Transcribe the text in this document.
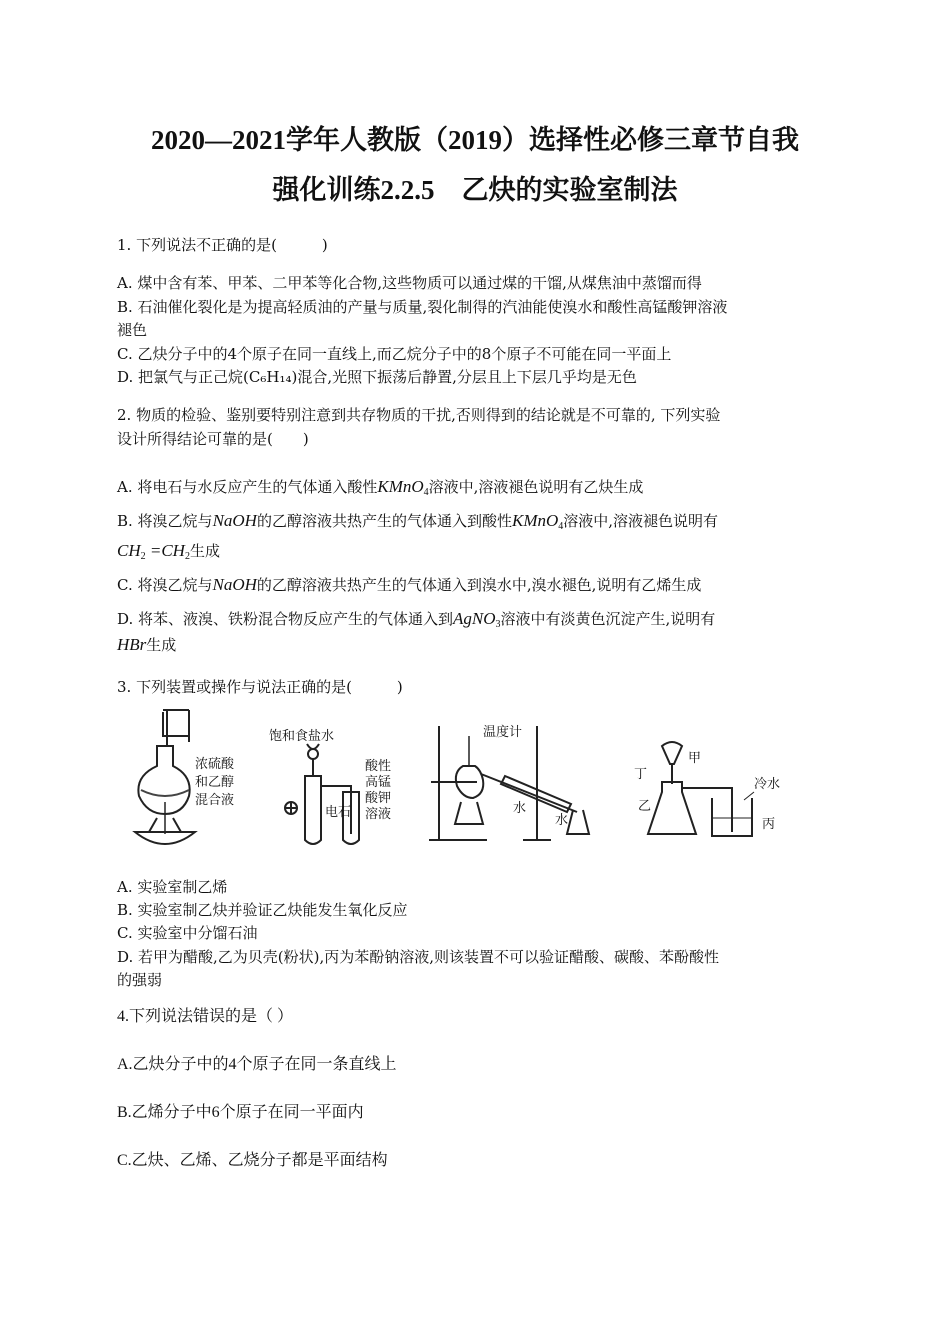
2020—2021学年人教版（2019）选择性必修三章节自我
强化训练2.2.5　乙炔的实验室制法
1. 下列说法不正确的是(　　　)
A. 煤中含有苯、甲苯、二甲苯等化合物,这些物质可以通过煤的干馏,从煤焦油中蒸馏而得
B. 石油催化裂化是为提高轻质油的产量与质量,裂化制得的汽油能使溴水和酸性高锰酸钾溶液
褪色
C. 乙炔分子中的4个原子在同一直线上,而乙烷分子中的8个原子不可能在同一平面上
D. 把氯气与正己烷(C₆H₁₄)混合,光照下振荡后静置,分层且上下层几乎均是无色
2. 物质的检验、鉴别要特别注意到共存物质的干扰,否则得到的结论就是不可靠的, 下列实验
设计所得结论可靠的是(　　)
A. 将电石与水反应产生的气体通入酸性KMnO$_4$溶液中,溶液褪色说明有乙炔生成
B. 将溴乙烷与NaOH的乙醇溶液共热产生的气体通入到酸性KMnO$_4$溶液中,溶液褪色说明有
$CH_2 =CH_2$生成
C. 将溴乙烷与NaOH的乙醇溶液共热产生的气体通入到溴水中,溴水褪色,说明有乙烯生成
D. 将苯、液溴、铁粉混合物反应产生的气体通入到AgNO$_3$溶液中有淡黄色沉淀产生,说明有
HBr生成
3. 下列装置或操作与说法正确的是(　　　)
浓硫酸
和乙醇
混合液
饱和食盐水
电石
酸性
高锰
酸钾
溶液
温度计
水
水
甲
丁
乙
冷水
丙
A. 实验室制乙烯
B. 实验室制乙炔并验证乙炔能发生氧化反应
C. 实验室中分馏石油
D. 若甲为醋酸,乙为贝壳(粉状),丙为苯酚钠溶液,则该装置不可以验证醋酸、碳酸、苯酚酸性
的强弱
4.下列说法错误的是（ ）
A.乙炔分子中的4个原子在同一条直线上
B.乙烯分子中6个原子在同一平面内
C.乙炔、乙烯、乙烧分子都是平面结构
